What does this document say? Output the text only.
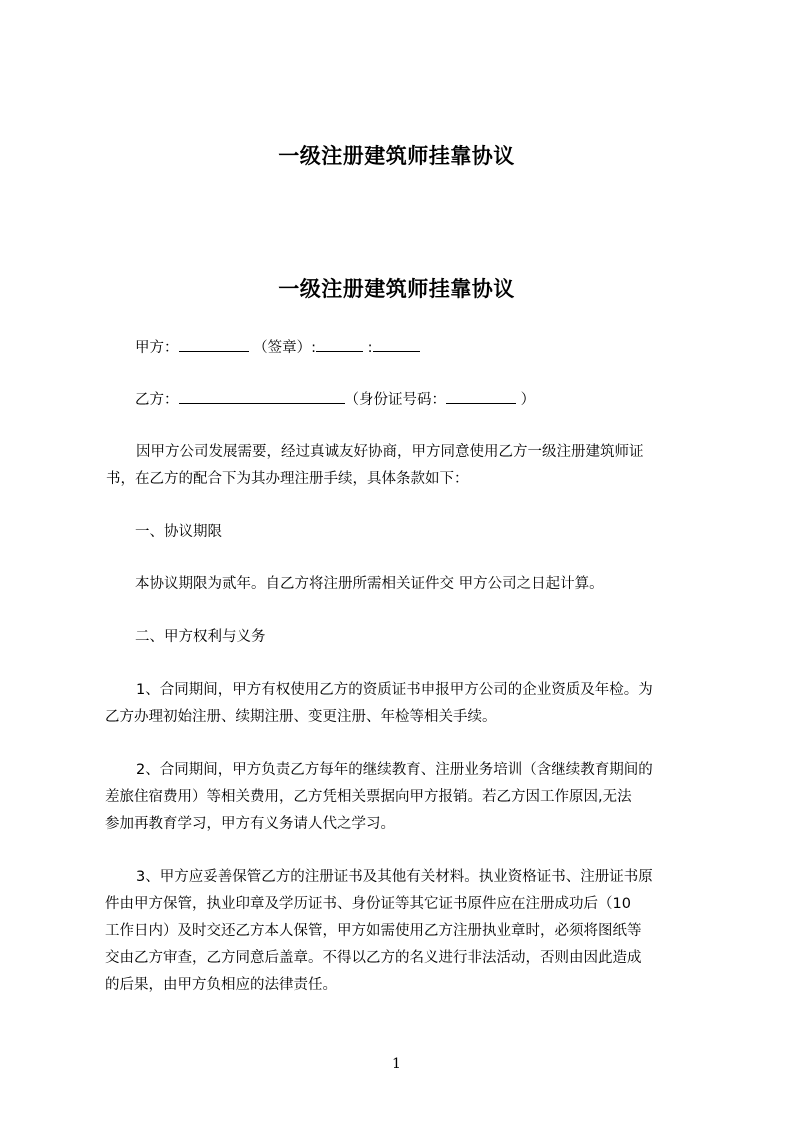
一级注册建筑师挂靠协议
一级注册建筑师挂靠协议
甲方：	（签章）:	:
乙方：	（身份证号码：	）
因甲方公司发展需要，经过真诚友好协商，甲方同意使用乙方一级注册建筑师证
书，在乙方的配合下为其办理注册手续，具体条款如下：
一、协议期限
本协议期限为贰年。自乙方将注册所需相关证件交 甲方公司之日起计算。
二、甲方权利与义务
1、合同期间，甲方有权使用乙方的资质证书申报甲方公司的企业资质及年检。为
乙方办理初始注册、续期注册、变更注册、年检等相关手续。
2、合同期间，甲方负责乙方每年的继续教育、注册业务培训（含继续教育期间的
差旅住宿费用）等相关费用，乙方凭相关票据向甲方报销。若乙方因工作原因,无法
参加再教育学习，甲方有义务请人代之学习。
3、甲方应妥善保管乙方的注册证书及其他有关材料。执业资格证书、注册证书原
件由甲方保管，执业印章及学历证书、身份证等其它证书原件应在注册成功后（10
工作日内）及时交还乙方本人保管，甲方如需使用乙方注册执业章时，必须将图纸等
交由乙方审查，乙方同意后盖章。不得以乙方的名义进行非法活动，否则由因此造成
的后果，由甲方负相应的法律责任。
1
